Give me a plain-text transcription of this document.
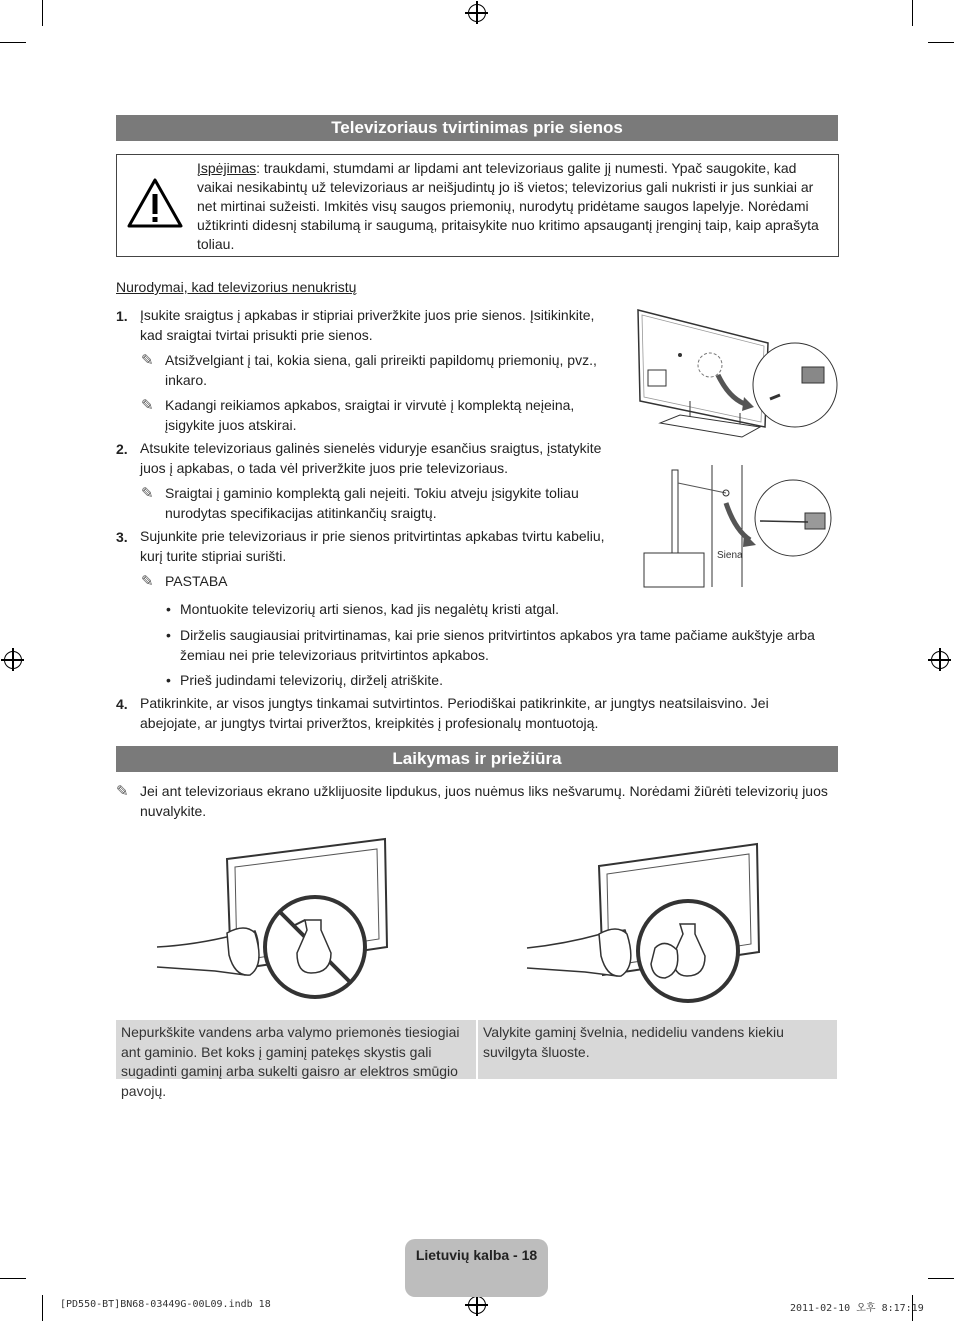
Televizoriaus tvirtinimas prie sienos
Įspėjimas: traukdami, stumdami ar lipdami ant televizoriaus galite jį numesti. Ypač saugokite, kad vaikai nesikabintų už televizoriaus ar neišjudintų jo iš vietos; televizorius gali nukristi ir jus sunkiai ar net mirtinai sužeisti. Imkitės visų saugos priemonių, nurodytų pridėtame saugos lapelyje. Norėdami užtikrinti didesnį stabilumą ir saugumą, pritaisykite nuo kritimo apsaugantį įrenginį taip, kaip aprašyta toliau.
Nurodymai, kad televizorius nenukristų
1. Įsukite sraigtus į apkabas ir stipriai priveržkite juos prie sienos. Įsitikinkite, kad sraigtai tvirtai prisukti prie sienos.
✎ Atsižvelgiant į tai, kokia siena, gali prireikti papildomų priemonių, pvz., inkaro.
✎ Kadangi reikiamos apkabos, sraigtai ir virvutė į komplektą neįeina, įsigykite juos atskirai.
2. Atsukite televizoriaus galinės sienelės viduryje esančius sraigtus, įstatykite juos į apkabas, o tada vėl priveržkite juos prie televizoriaus.
✎ Sraigtai į gaminio komplektą gali neįeiti. Tokiu atveju įsigykite toliau nurodytas specifikacijas atitinkančių sraigtų.
3. Sujunkite prie televizoriaus ir prie sienos pritvirtintas apkabas tvirtu kabeliu, kurį turite stipriai surišti.
✎ PASTABA
• Montuokite televizorių arti sienos, kad jis negalėtų kristi atgal.
• Dirželis saugiausiai pritvirtinamas, kai prie sienos pritvirtintos apkabos yra tame pačiame aukštyje arba žemiau nei prie televizoriaus pritvirtintos apkabos.
• Prieš judindami televizorių, dirželį atriškite.
4. Patikrinkite, ar visos jungtys tinkamai sutvirtintos. Periodiškai patikrinkite, ar jungtys neatsilaisvino. Jei abejojate, ar jungtys tvirtai priveržtos, kreipkitės į profesionalų montuotoją.
Siena
Laikymas ir priežiūra
✎ Jei ant televizoriaus ekrano užklijuosite lipdukus, juos nuėmus liks nešvarumų. Norėdami žiūrėti televizorių juos nuvalykite.
Nepurkškite vandens arba valymo priemonės tiesiogiai ant gaminio. Bet koks į gaminį patekęs skystis gali sugadinti gaminį arba sukelti gaisro ar elektros smūgio pavojų.
Valykite gaminį švelnia, nedideliu vandens kiekiu suvilgyta šluoste.
Lietuvių kalba - 18
[PD550-BT]BN68-03449G-00L09.indb 18	2011-02-10 오후 8:17:19
